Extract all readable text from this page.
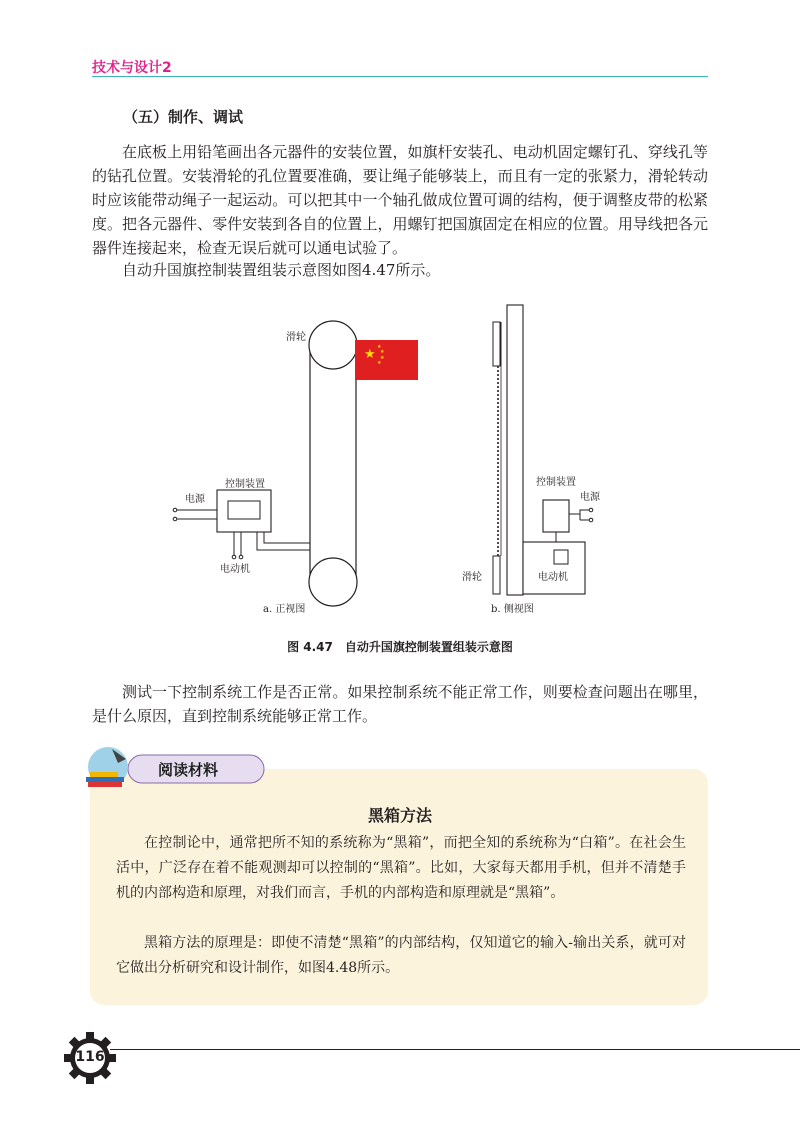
技术与设计2
（五）制作、调试

在底板上用铅笔画出各元器件的安装位置，如旗杆安装孔、电动机固定螺钉孔、穿线孔等的钻孔位置。安装滑轮的孔位置要准确，要让绳子能够装上，而且有一定的张紧力，滑轮转动时应该能带动绳子一起运动。可以把其中一个轴孔做成位置可调的结构，便于调整皮带的松紧度。把各元器件、零件安装到各自的位置上，用螺钉把国旗固定在相应的位置。用导线把各元器件连接起来，检查无误后就可以通电试验了。

自动升国旗控制装置组装示意图如图4.47所示。

★ ★
★
★
★
滑轮
控制装置
电源
电动机
a. 正视图
控制装置
电源
滑轮	电动机
b. 侧视图
图 4.47　自动升国旗控制装置组装示意图

测试一下控制系统工作是否正常。如果控制系统不能正常工作，则要检查问题出在哪里，是什么原因，直到控制系统能够正常工作。

阅读材料
黑箱方法

在控制论中，通常把所不知的系统称为“黑箱”，而把全知的系统称为“白箱”。在社会生活中，广泛存在着不能观测却可以控制的“黑箱”。比如，大家每天都用手机，但并不清楚手机的内部构造和原理，对我们而言，手机的内部构造和原理就是“黑箱”。

黑箱方法的原理是：即使不清楚“黑箱”的内部结构，仅知道它的输入-输出关系，就可对它做出分析研究和设计制作，如图4.48所示。

116
